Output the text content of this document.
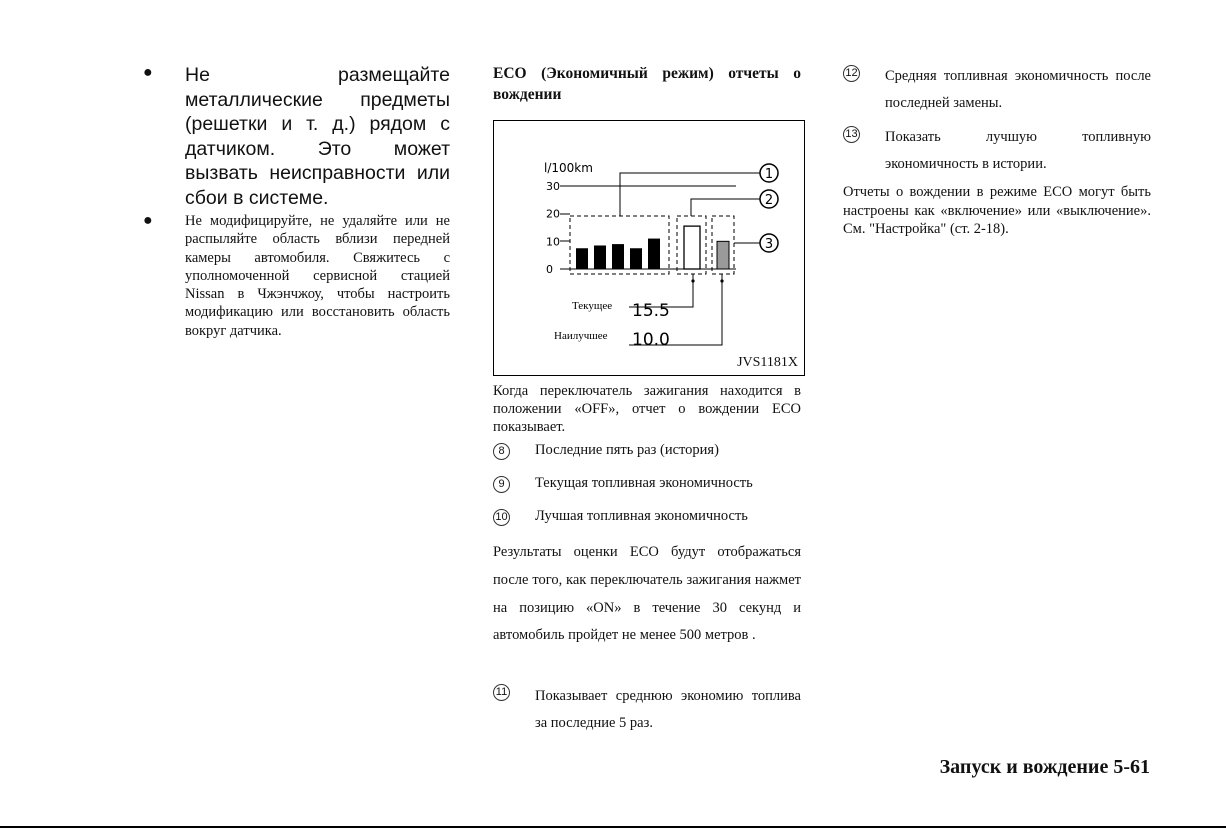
● Не размещайте металлические предметы (решетки и т. д.) рядом с датчиком. Это может вызвать неисправности или сбои в системе.
● Не модифицируйте, не удаляйте или не распыляйте область вблизи передней камеры автомобиля. Свяжитесь с уполномоченной сервисной стацией Nissan в Чжэнчжоу, чтобы настроить модификацию или восстановить область вокруг датчика.
ECO (Экономичный режим) отчеты о вождении
l/100km
30
20
10
0
1
2
3
Текущее 15.5
Наилучшее 10.0
JVS1181X
Когда переключатель зажигания находится в положении «OFF», отчет о вождении ECO показывает.
8	Последние пять раз (история)
9	Текущая топливная экономичность
10 Лучшая топливная экономичность
Результаты оценки ECO будут отображаться после того, как переключатель зажигания нажмет на позицию «ON» в течение 30 секунд и автомобиль пройдет не менее 500 метров .
11 Показывает среднюю экономию топлива за последние 5 раз.
12 Средняя топливная экономичность после последней замены.
13 Показать лучшую топливную экономичность в истории.
Отчеты о вождении в режиме ECO могут быть настроены как «включение» или «выключение». См. "Настройка" (ст. 2-18).
Запуск и вождение 5-61
